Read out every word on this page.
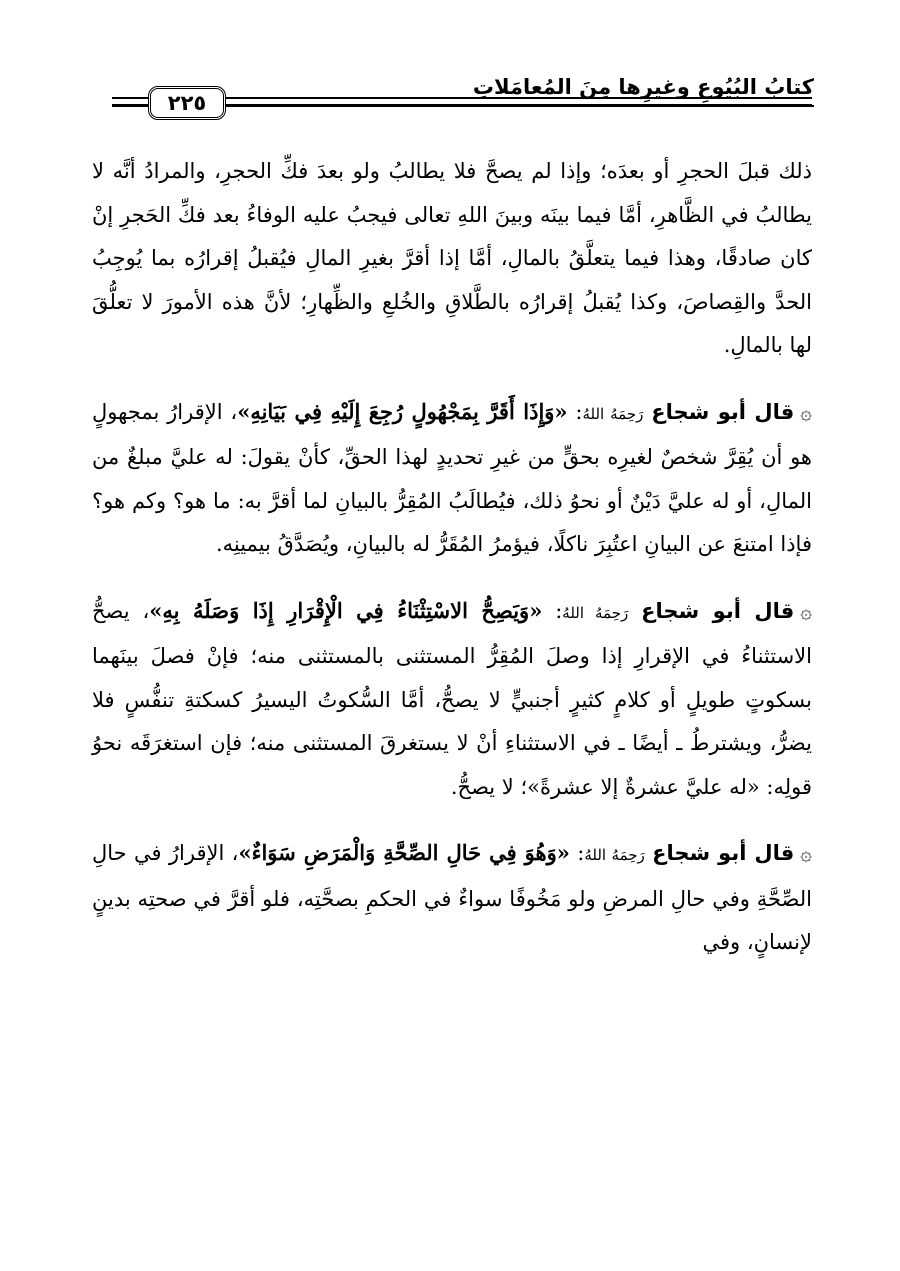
كتابُ البُيُوعِ وغيرِها مِنَ المُعامَلاتِ
٢٢٥

ذلك قبلَ الحجرِ أو بعدَه؛ وإذا لم يصحَّ فلا يطالبُ ولو بعدَ فكِّ الحجرِ، والمرادُ أنَّه لا يطالبُ في الظَّاهرِ، أمَّا فيما بينَه وبينَ اللهِ تعالى فيجبُ عليه الوفاءُ بعد فكِّ الحَجرِ إنْ كان صادقًا، وهذا فيما يتعلَّقُ بالمالِ، أمَّا إذا أقرَّ بغيرِ المالِ فيُقبلُ إقرارُه بما يُوجِبُ الحدَّ والقِصاصَ، وكذا يُقبلُ إقرارُه بالطَّلاقِ والخُلعِ والظِّهارِ؛ لأنَّ هذه الأمورَ لا تعلُّقَ لها بالمالِ.

۞قال أبو شجاع رَحِمَهُ اللهُ: «وَإِذَا أَقَرَّ بِمَجْهُولٍ رُجِعَ إِلَيْهِ فِي بَيَانِهِ»، الإقرارُ بمجهولٍ هو أن يُقِرَّ شخصٌ لغيرِه بحقٍّ من غيرِ تحديدٍ لهذا الحقِّ، كأنْ يقولَ: له عليَّ مبلغٌ من المالِ، أو له عليَّ دَيْنٌ أو نحوُ ذلك، فيُطالَبُ المُقِرُّ بالبيانِ لما أقرَّ به: ما هو؟ وكم هو؟ فإذا امتنعَ عن البيانِ اعتُبِرَ ناكلًا، فيؤمرُ المُقَرُّ له بالبيانِ، ويُصَدَّقُ بيمينِه.

۞قال أبو شجاع رَحِمَهُ اللهُ: «وَيَصِحُّ الاسْتِثْنَاءُ فِي الْإِقْرَارِ إِذَا وَصَلَهُ بِهِ»، يصحُّ الاستثناءُ في الإقرارِ إذا وصلَ المُقِرُّ المستثنى بالمستثنى منه؛ فإنْ فصلَ بينَهما بسكوتٍ طويلٍ أو كلامٍ كثيرٍ أجنبيٍّ لا يصحُّ، أمَّا السُّكوتُ اليسيرُ كسكتةِ تنفُّسٍ فلا يضرُّ، ويشترطُ ـ أيضًا ـ في الاستثناءِ أنْ لا يستغرقَ المستثنى منه؛ فإن استغرَقَه نحوُ قولِه: «له عليَّ عشرةٌ إلا عشرةً»؛ لا يصحُّ.

۞قال أبو شجاع رَحِمَهُ اللهُ: «وَهُوَ فِي حَالِ الصِّحَّةِ وَالْمَرَضِ سَوَاءٌ»، الإقرارُ في حالِ الصِّحَّةِ وفي حالِ المرضِ ولو مَخُوفًا سواءٌ في الحكمِ بصحَّتِه، فلو أقرَّ في صحتِه بدينٍ لإنسانٍ، وفي
